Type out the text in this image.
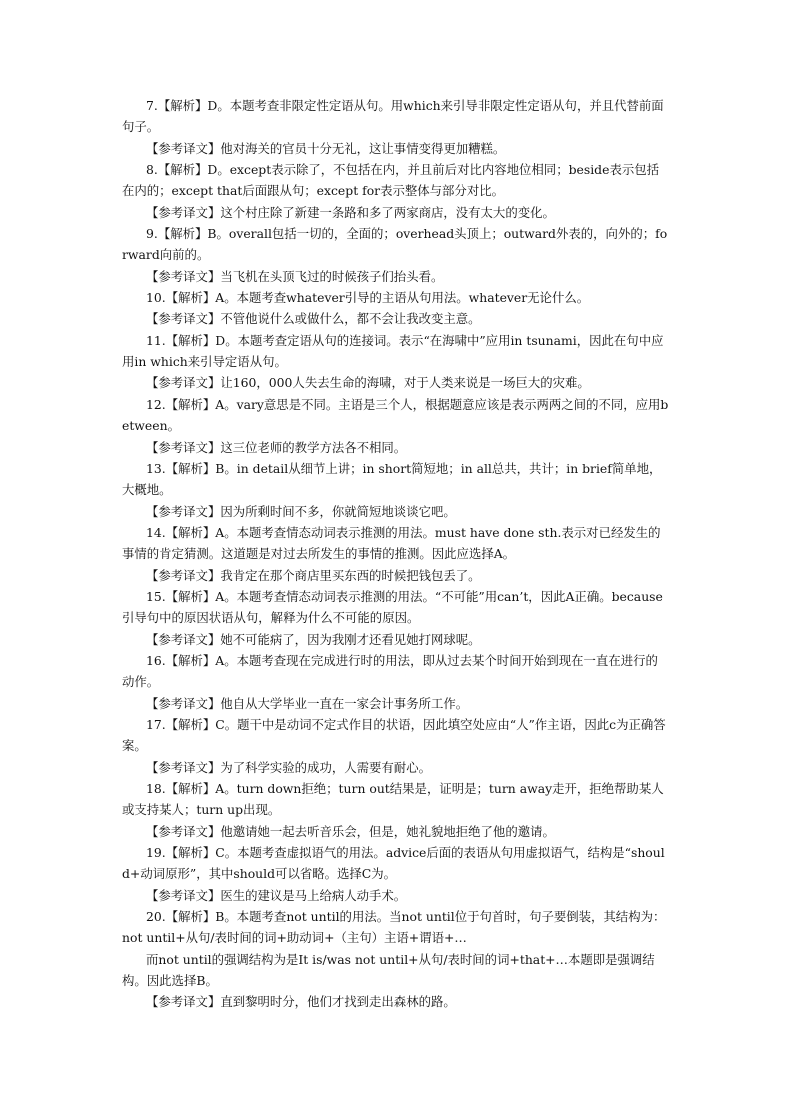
7.【解析】D。本题考查非限定性定语从句。用which来引导非限定性定语从句，并且代替前面句子。

【参考译文】他对海关的官员十分无礼，这让事情变得更加糟糕。

8.【解析】D。except表示除了，不包括在内，并且前后对比内容地位相同；beside表示包括在内的；except that后面跟从句；except for表示整体与部分对比。

【参考译文】这个村庄除了新建一条路和多了两家商店，没有太大的变化。

9.【解析】B。overall包括一切的，全面的；overhead头顶上；outward外表的，向外的；forward向前的。

【参考译文】当飞机在头顶飞过的时候孩子们抬头看。

10.【解析】A。本题考查whatever引导的主语从句用法。whatever无论什么。

【参考译文】不管他说什么或做什么，都不会让我改变主意。

11.【解析】D。本题考查定语从句的连接词。表示“在海啸中”应用in tsunami，因此在句中应用in which来引导定语从句。

【参考译文】让160，000人失去生命的海啸，对于人类来说是一场巨大的灾难。

12.【解析】A。vary意思是不同。主语是三个人，根据题意应该是表示两两之间的不同，应用between。

【参考译文】这三位老师的教学方法各不相同。

13.【解析】B。in detail从细节上讲；in short简短地；in all总共，共计；in brief简单地，大概地。

【参考译文】因为所剩时间不多，你就简短地谈谈它吧。

14.【解析】A。本题考查情态动词表示推测的用法。must have done sth.表示对已经发生的事情的肯定猜测。这道题是对过去所发生的事情的推测。因此应选择A。

【参考译文】我肯定在那个商店里买东西的时候把钱包丢了。

15.【解析】A。本题考查情态动词表示推测的用法。“不可能”用can’t，因此A正确。because

引导句中的原因状语从句，解释为什么不可能的原因。

【参考译文】她不可能病了，因为我刚才还看见她打网球呢。

16.【解析】A。本题考查现在完成进行时的用法，即从过去某个时间开始到现在一直在进行的动作。

【参考译文】他自从大学毕业一直在一家会计事务所工作。

17.【解析】C。题干中是动词不定式作目的状语，因此填空处应由“人”作主语，因此c为正确答案。

【参考译文】为了科学实验的成功，人需要有耐心。

18.【解析】A。turn down拒绝；turn out结果是，证明是；turn away走开，拒绝帮助某人或支持某人；turn up出现。

【参考译文】他邀请她一起去听音乐会，但是，她礼貌地拒绝了他的邀请。

19.【解析】C。本题考查虚拟语气的用法。advice后面的表语从句用虚拟语气，结构是“should+动词原形”，其中should可以省略。选择C为。

【参考译文】医生的建议是马上给病人动手术。

20.【解析】B。本题考查not until的用法。当not until位于句首时，句子要倒装，其结构为：not until+从句/表时间的词+助动词+（主句）主语+谓语+…

而not until的强调结构为是It is/was not until+从句/表时间的词+that+…本题即是强调结构。因此选择B。

【参考译文】直到黎明时分，他们才找到走出森林的路。
